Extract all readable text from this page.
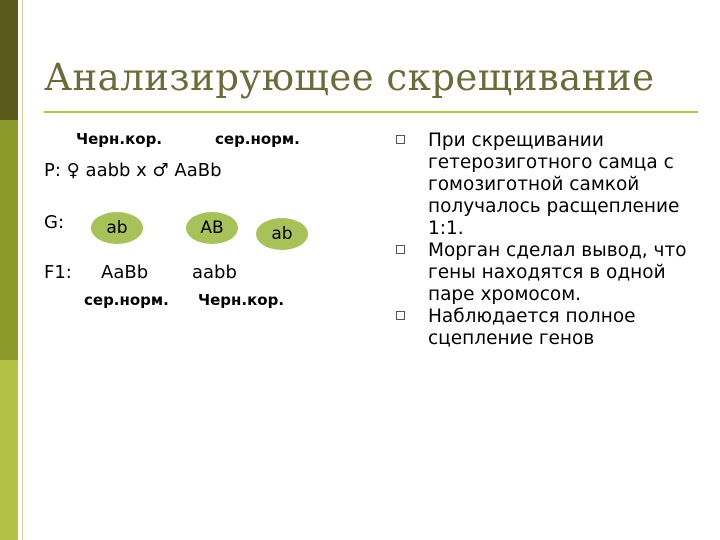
Анализирующее скрещивание
Черн.кор.	сер.норм.
P: ♀ aabb x ♂ AaBb
G:	ab	AB	ab
F1: AaBb aabb
сер.норм. Черн.кор.
При скрещивании гетерозиготного самца с гомозиготной самкой получалось расщепление 1:1.
Морган сделал вывод, что гены находятся в одной паре хромосом.
Наблюдается полное сцепление генов
